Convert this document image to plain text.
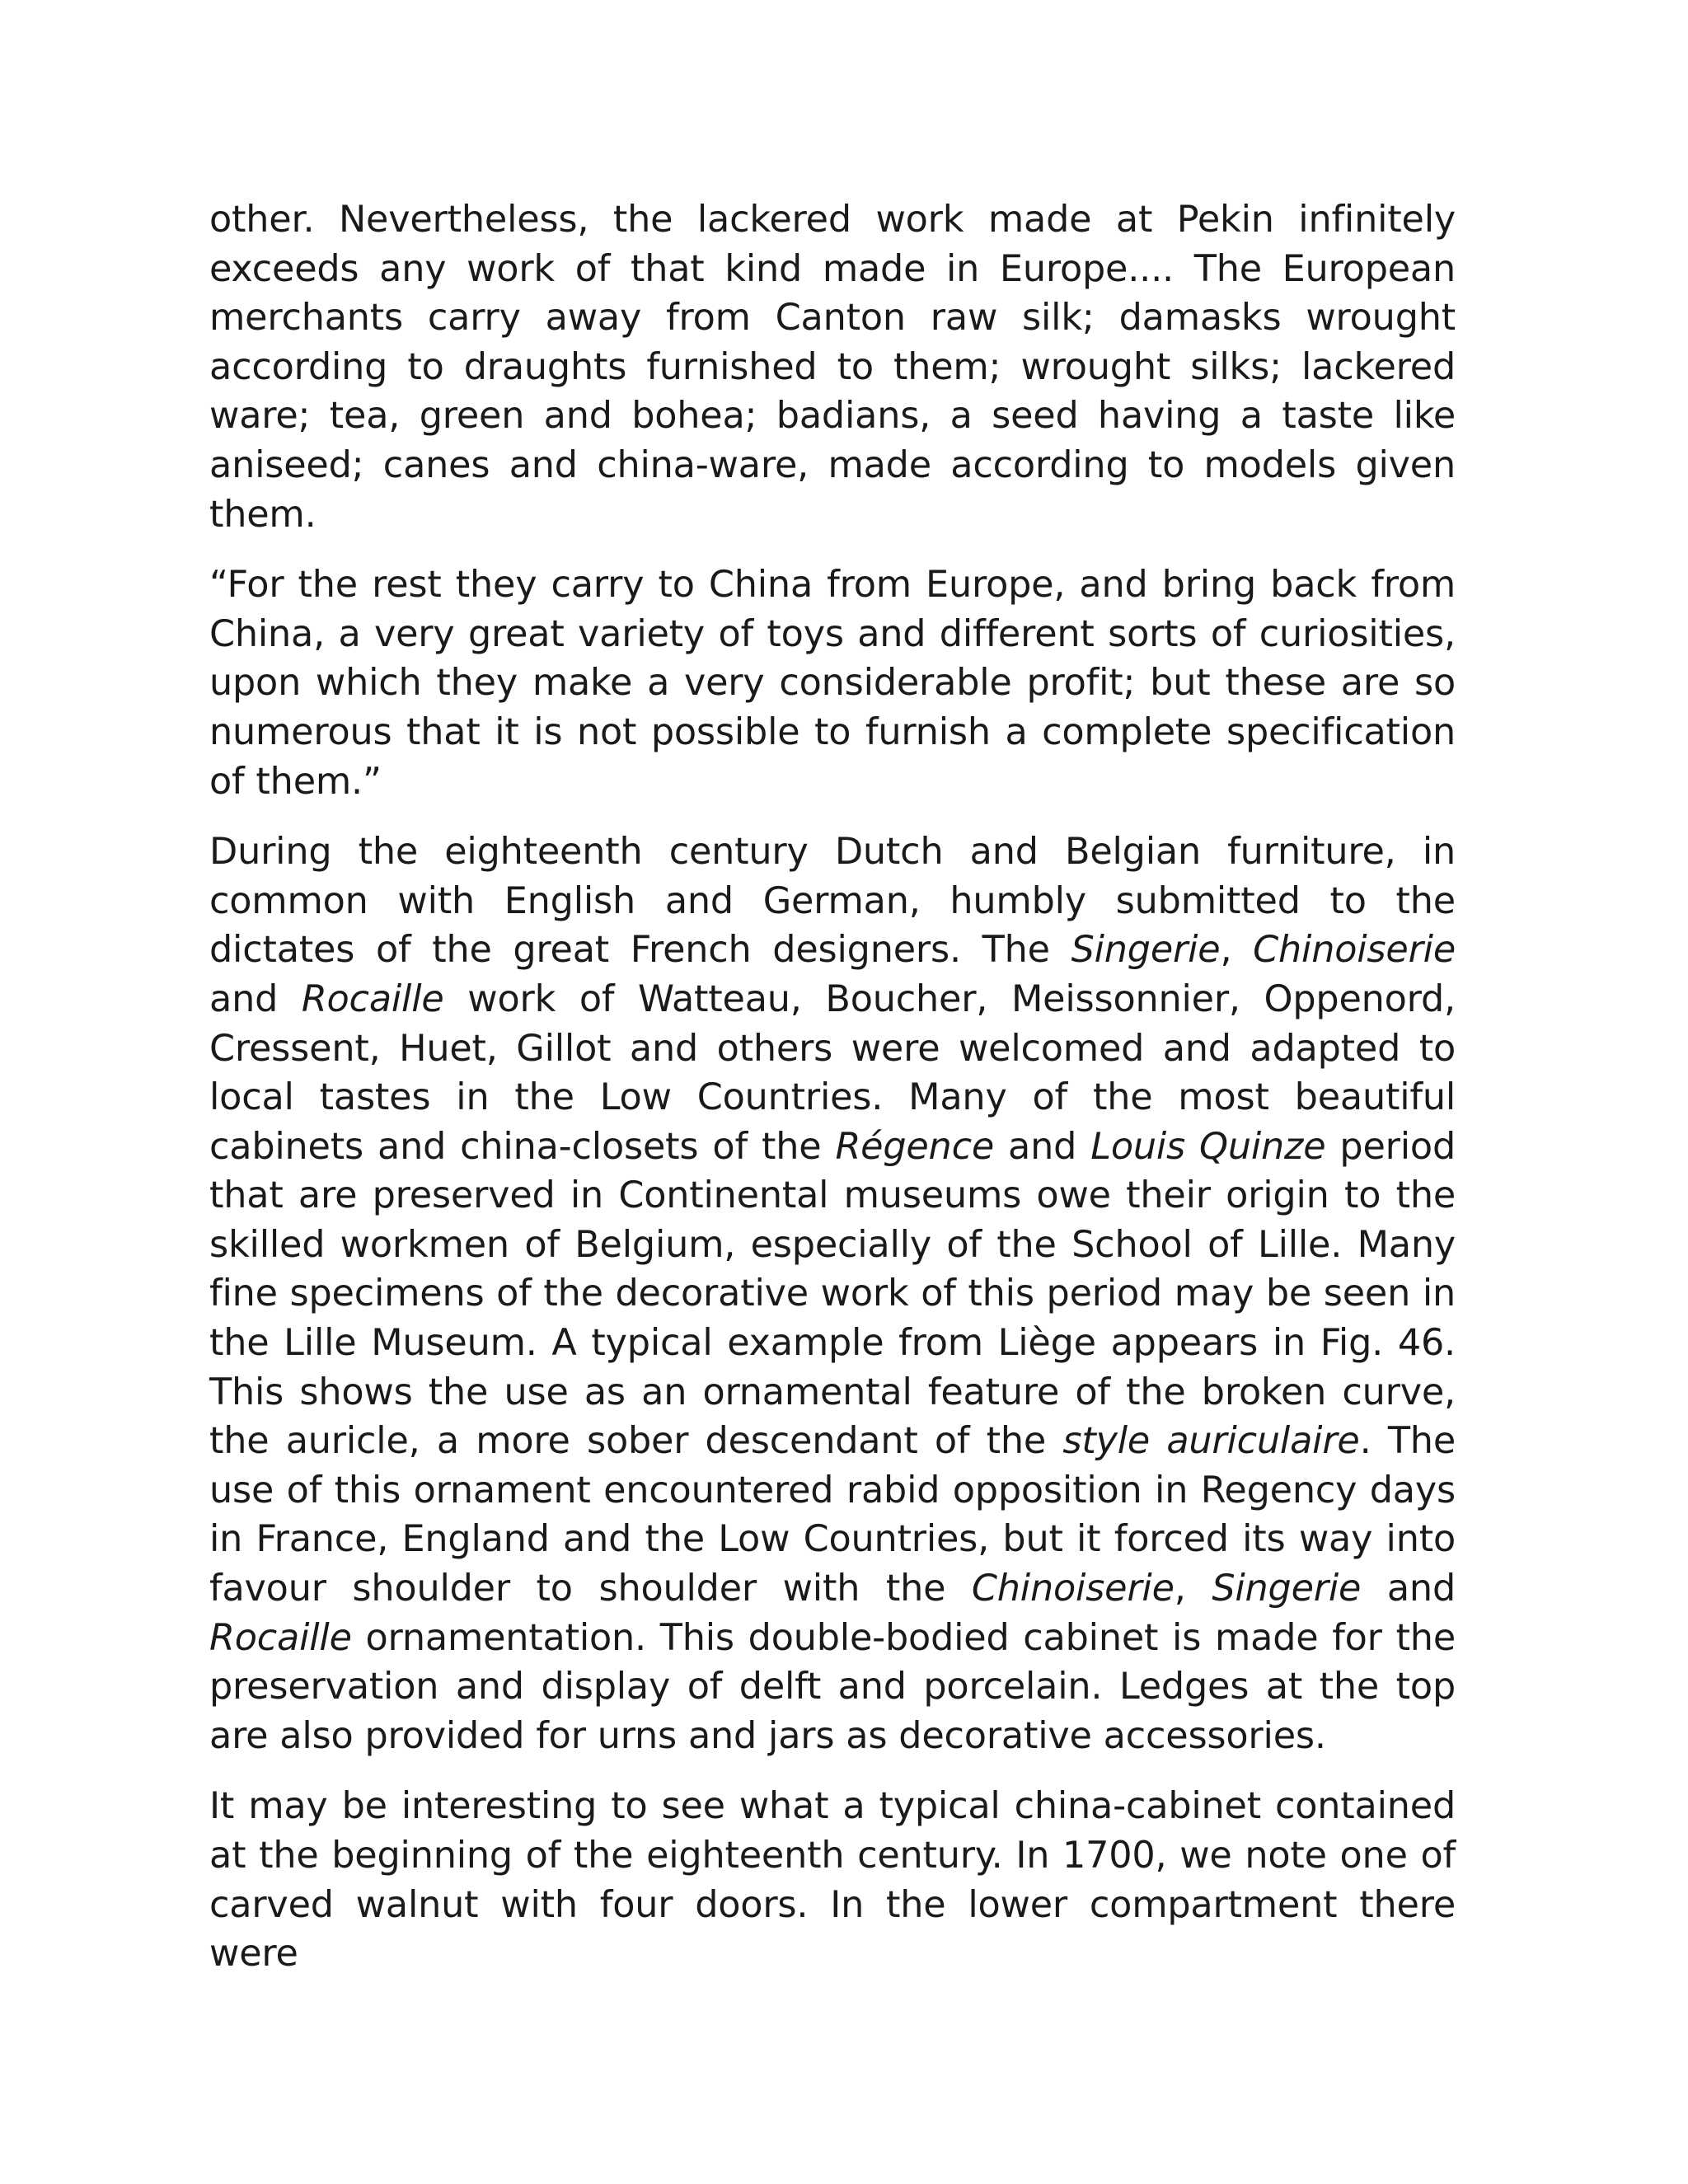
other. Nevertheless, the lackered work made at Pekin infinitely exceeds any work of that kind made in Europe.... The European merchants carry away from Canton raw silk; damasks wrought according to draughts furnished to them; wrought silks; lackered ware; tea, green and bohea; badians, a seed having a taste like aniseed; canes and china-ware, made according to models given them.

“For the rest they carry to China from Europe, and bring back from China, a very great variety of toys and different sorts of curiosities, upon which they make a very considerable profit; but these are so numerous that it is not possible to furnish a complete specification of them.”

During the eighteenth century Dutch and Belgian furniture, in common with English and German, humbly submitted to the dictates of the great French designers. The Singerie, Chinoiserie and Rocaille work of Watteau, Boucher, Meissonnier, Oppenord, Cressent, Huet, Gillot and others were welcomed and adapted to local tastes in the Low Countries. Many of the most beautiful cabinets and china-closets of the Régence and Louis Quinze period that are preserved in Continental museums owe their origin to the skilled workmen of Belgium, especially of the School of Lille. Many fine specimens of the decorative work of this period may be seen in the Lille Museum. A typical example from Liège appears in Fig. 46. This shows the use as an ornamental feature of the broken curve, the auricle, a more sober descendant of the style auriculaire. The use of this ornament encountered rabid opposition in Regency days in France, England and the Low Countries, but it forced its way into favour shoulder to shoulder with the Chinoiserie, Singerie and Rocaille ornamentation. This double-bodied cabinet is made for the preservation and display of delft and porcelain. Ledges at the top are also provided for urns and jars as decorative accessories.

It may be interesting to see what a typical china-cabinet contained at the beginning of the eighteenth century. In 1700, we note one of carved walnut with four doors. In the lower compartment there were
